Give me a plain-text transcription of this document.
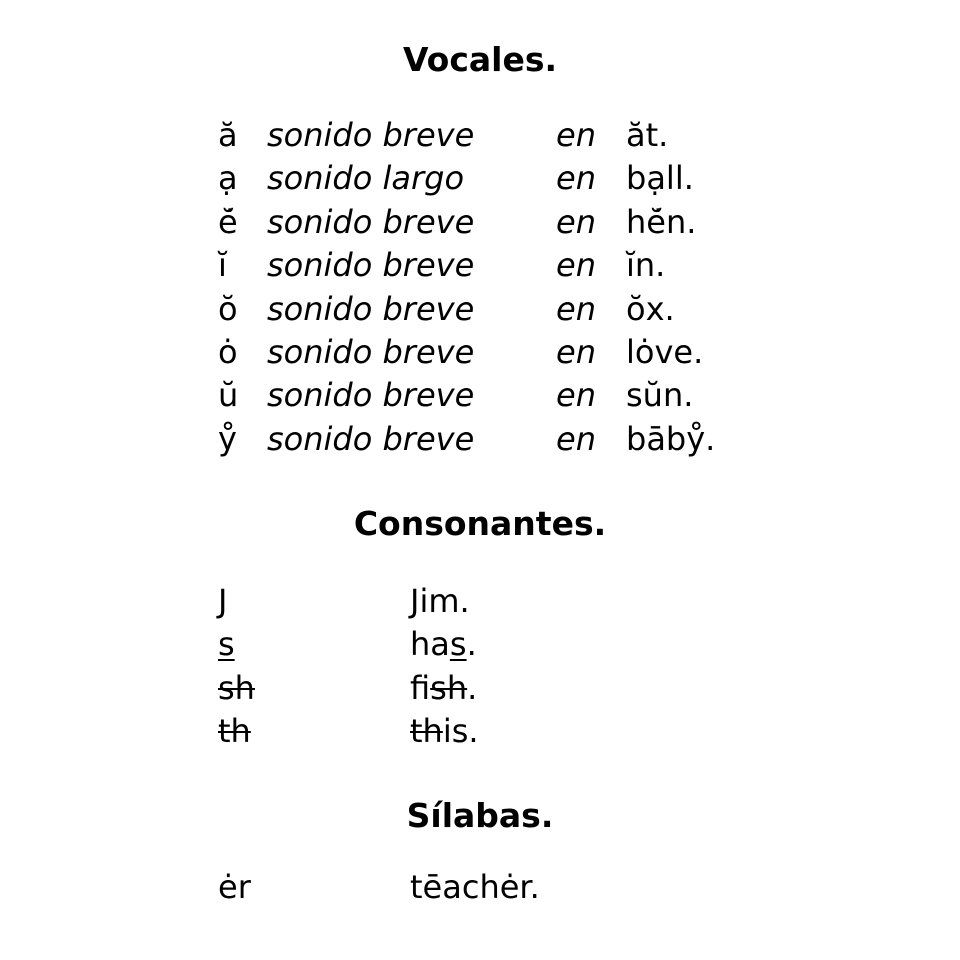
Vocales.
ă sonido breve	en ăt.
ạ sonido largo	en bạll.
ĕ̇ sonido breve	en hĕ̇n.
ĭ sonido breve	en ĭn.
ŏ sonido breve	en ŏx.
ȯ sonido breve	en lȯve.
ŭ sonido breve	en sŭn.
ẙ sonido breve	en bābẙ.
Consonantes.
J	Jim.
s	has.
sh	fish.
th	this.
Sílabas.
ėr	tēachėr.
